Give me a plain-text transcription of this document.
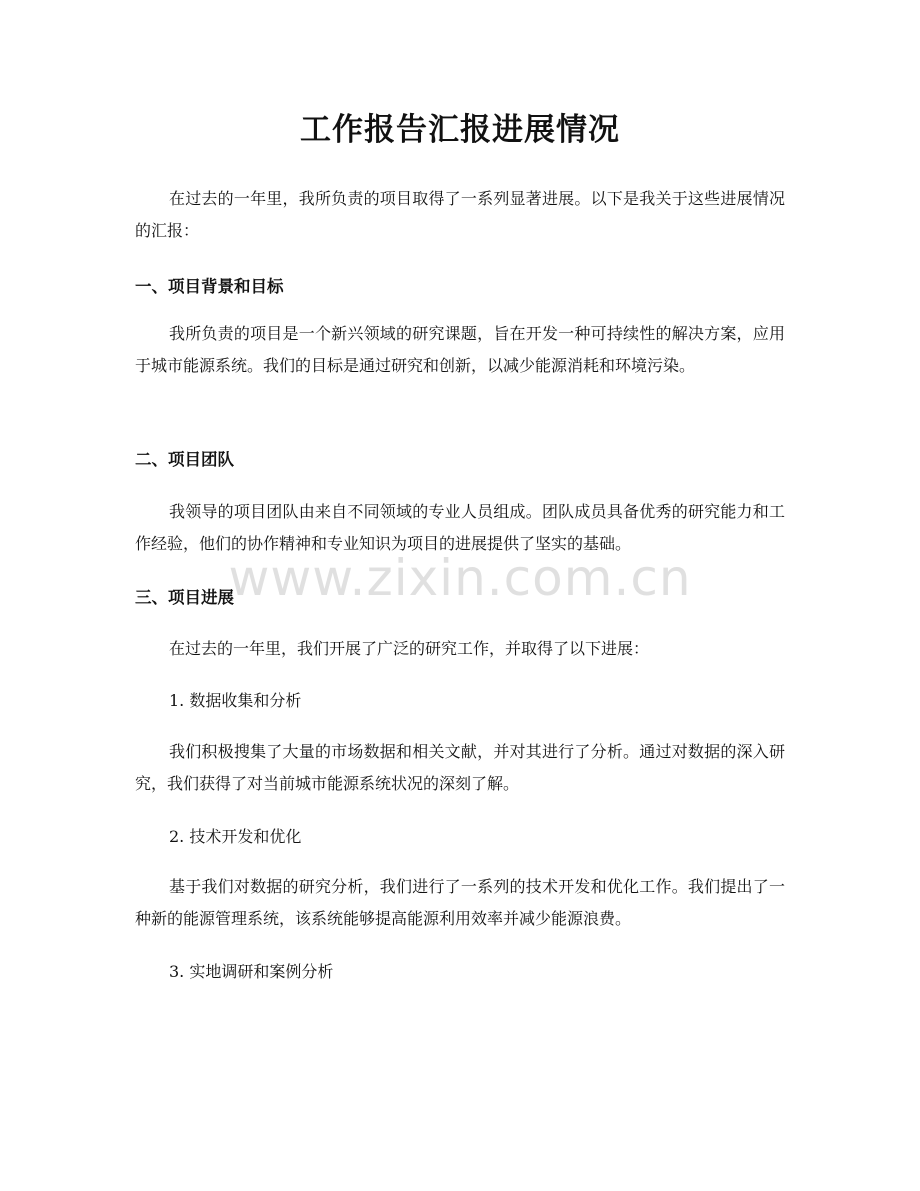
工作报告汇报进展情况

在过去的一年里，我所负责的项目取得了一系列显著进展。以下是我关于这些进展情况的汇报：

一、项目背景和目标

我所负责的项目是一个新兴领域的研究课题，旨在开发一种可持续性的解决方案，应用于城市能源系统。我们的目标是通过研究和创新，以减少能源消耗和环境污染。

二、项目团队

我领导的项目团队由来自不同领域的专业人员组成。团队成员具备优秀的研究能力和工作经验，他们的协作精神和专业知识为项目的进展提供了坚实的基础。

三、项目进展

在过去的一年里，我们开展了广泛的研究工作，并取得了以下进展：

1. 数据收集和分析

我们积极搜集了大量的市场数据和相关文献，并对其进行了分析。通过对数据的深入研究，我们获得了对当前城市能源系统状况的深刻了解。

2. 技术开发和优化

基于我们对数据的研究分析，我们进行了一系列的技术开发和优化工作。我们提出了一种新的能源管理系统，该系统能够提高能源利用效率并减少能源浪费。

3. 实地调研和案例分析

www.zixin.com.cn
